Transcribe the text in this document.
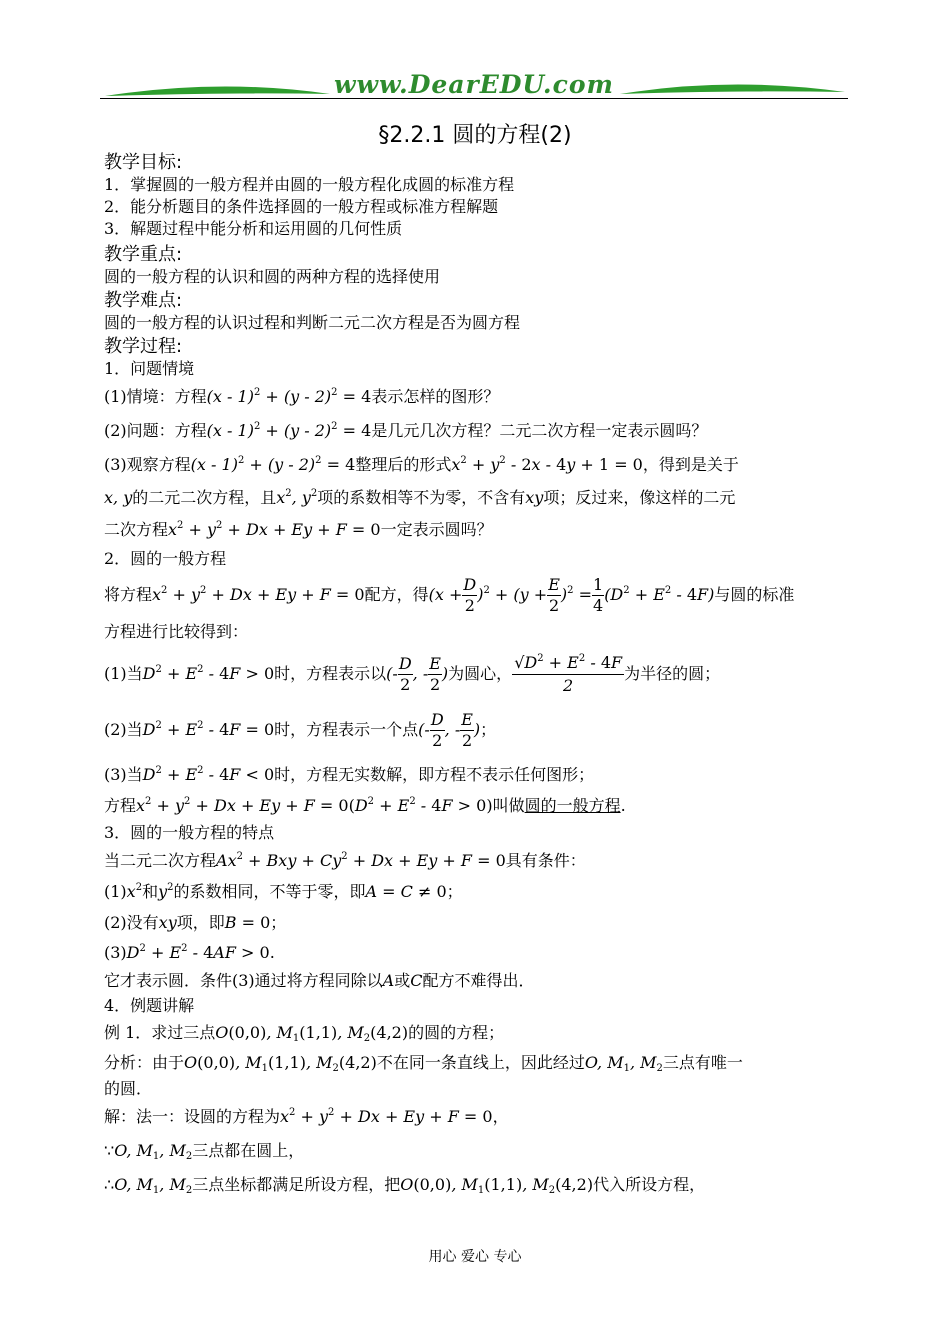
www.DearEDU.com
§2.2.1 圆的方程(2)

教学目标:

1．掌握圆的一般方程并由圆的一般方程化成圆的标准方程

2．能分析题目的条件选择圆的一般方程或标准方程解题

3．解题过程中能分析和运用圆的几何性质

教学重点:

圆的一般方程的认识和圆的两种方程的选择使用

教学难点:

圆的一般方程的认识过程和判断二元二次方程是否为圆方程

教学过程:

1．问题情境

(1)情境：方程(x - 1)$^2$ + (y - 2)$^2$ = 4表示怎样的图形？

(2)问题：方程(x - 1)$^2$ + (y - 2)$^2$ = 4是几元几次方程？二元二次方程一定表示圆吗？

(3)观察方程(x - 1)$^2$ + (y - 2)$^2$ = 4整理后的形式$x^2 + y^2 - 2x - 4y + 1 = 0$，得到是关于

x, y的二元二次方程，且$x^2$, $y^2$项的系数相等不为零，不含有xy项；反过来，像这样的二元

二次方程$x^2 + y^2 + Dx + Ey + F = 0$一定表示圆吗？

2．圆的一般方程

将方程$x^2 + y^2 + Dx + Ey + F = 0$配方，得$(x + \frac{D}{2} )^2 + (y + \frac{E}{2} )^2 = \frac{1}{4} (D^2 + E^2 - 4F)$与圆的标准

方程进行比较得到：

(1)当$D^2 + E^2 - 4F > 0$时，方程表示以(- $\frac{D}{2}$ , - $\frac{E}{2}$ )为圆心， $\frac{√D^2 + E^2 - 4F}{2}$ 为半径的圆；

(2)当$D^2 + E^2 - 4F = 0$时，方程表示一个点(- $\frac{D}{2}$ , - $\frac{E}{2}$ )；

(3)当$D^2 + E^2 - 4F < 0$时，方程无实数解，即方程不表示任何图形；

方程$x^2 + y^2 + Dx + Ey + F = 0(D^2 + E^2 - 4F > 0)$叫做圆的一般方程.

3．圆的一般方程的特点

当二元二次方程$Ax^2$ + Bxy + $Cy^2 + Dx + Ey + F = 0$具有条件：

$(1)x^2$和$y^2$的系数相同，不等于零，即A = C ≠ 0；

(2)没有xy项，即B = 0；

$(3)D^2 + E^2 - 4AF > 0$.

它才表示圆．条件(3)通过将方程同除以A或C配方不难得出．

4．例题讲解

例 1．求过三点O(0,0), $M_1(1,1)$, $M_2(4,2)$的圆的方程；

分析：由于O(0,0), $M_1(1,1)$, $M_2(4,2)$不在同一条直线上，因此经过O, $M_1$, $M_2$三点有唯一

的圆．

解：法一：设圆的方程为$x^2 + y^2 + Dx + Ey + F = 0$，

∵O, $M_1$, $M_2$三点都在圆上，

∴O, $M_1$, $M_2$三点坐标都满足所设方程，把O(0,0), $M_1(1,1)$, $M_2(4,2)$代入所设方程，

用心 爱心 专心
